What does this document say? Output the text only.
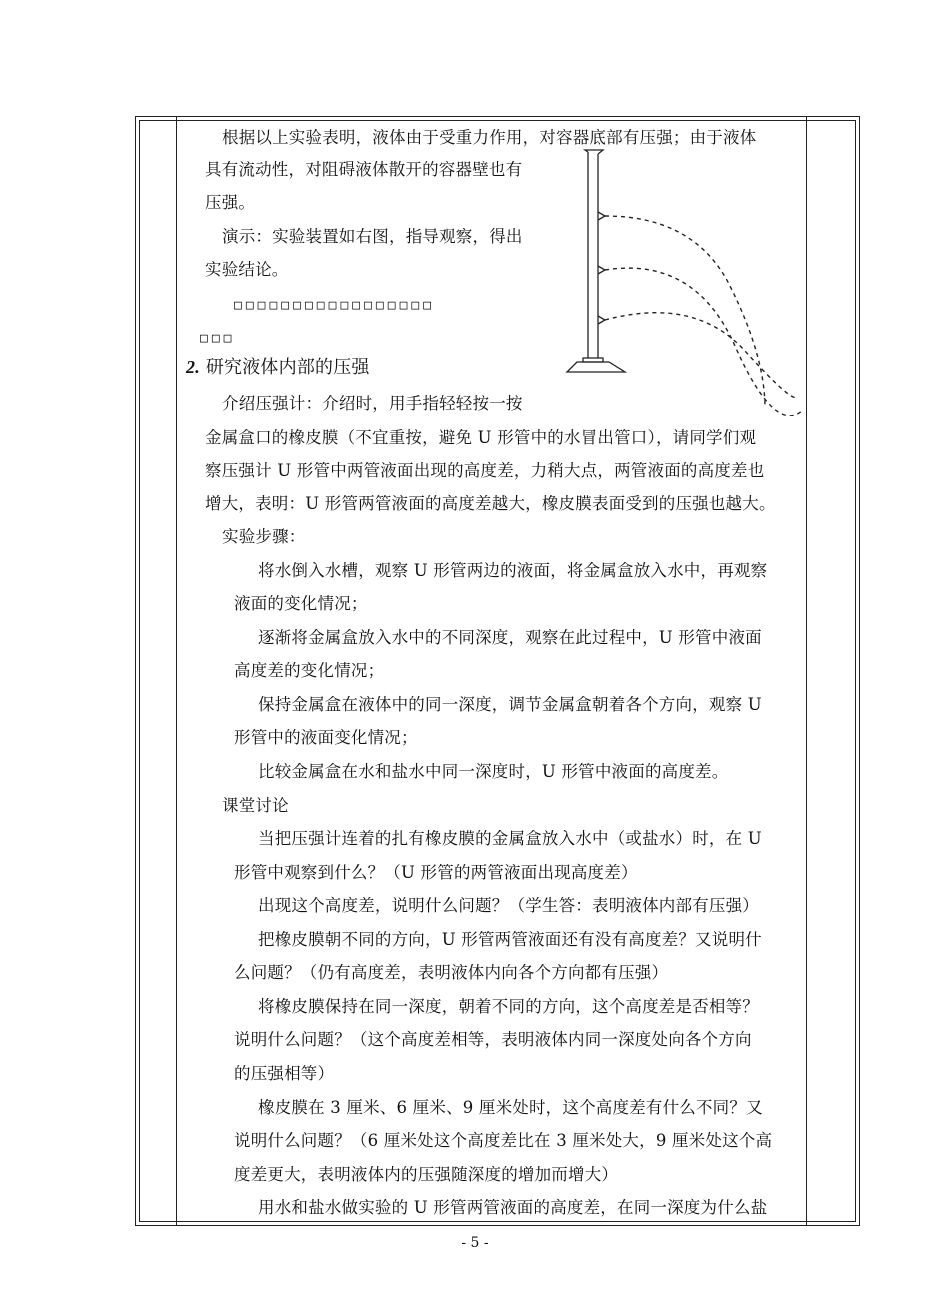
根据以上实验表明，液体由于受重力作用，对容器底部有压强；由于液体
具有流动性，对阻碍液体散开的容器壁也有
压强。
演示：实验装置如右图，指导观察，得出
实验结论。
□□□□□□□□□□□□□□□□□
□□□
2. 研究液体内部的压强
介绍压强计：介绍时，用手指轻轻按一按
金属盒口的橡皮膜（不宜重按，避免 U 形管中的水冒出管口），请同学们观
察压强计 U 形管中两管液面出现的高度差，力稍大点，两管液面的高度差也
增大，表明：U 形管两管液面的高度差越大，橡皮膜表面受到的压强也越大。
实验步骤：
将水倒入水槽，观察 U 形管两边的液面，将金属盒放入水中，再观察
液面的变化情况；
逐渐将金属盒放入水中的不同深度，观察在此过程中，U 形管中液面
高度差的变化情况；
保持金属盒在液体中的同一深度，调节金属盒朝着各个方向，观察 U
形管中的液面变化情况；
比较金属盒在水和盐水中同一深度时，U 形管中液面的高度差。
课堂讨论
当把压强计连着的扎有橡皮膜的金属盒放入水中（或盐水）时，在 U
形管中观察到什么？（U 形管的两管液面出现高度差）
出现这个高度差，说明什么问题？（学生答：表明液体内部有压强）
把橡皮膜朝不同的方向，U 形管两管液面还有没有高度差？又说明什
么问题？（仍有高度差，表明液体内向各个方向都有压强）
将橡皮膜保持在同一深度，朝着不同的方向，这个高度差是否相等？
说明什么问题？（这个高度差相等，表明液体内同一深度处向各个方向
的压强相等）
橡皮膜在 3 厘米、6 厘米、9 厘米处时，这个高度差有什么不同？又
说明什么问题？（6 厘米处这个高度差比在 3 厘米处大，9 厘米处这个高
度差更大，表明液体内的压强随深度的增加而增大）
用水和盐水做实验的 U 形管两管液面的高度差，在同一深度为什么盐
- 5 -
